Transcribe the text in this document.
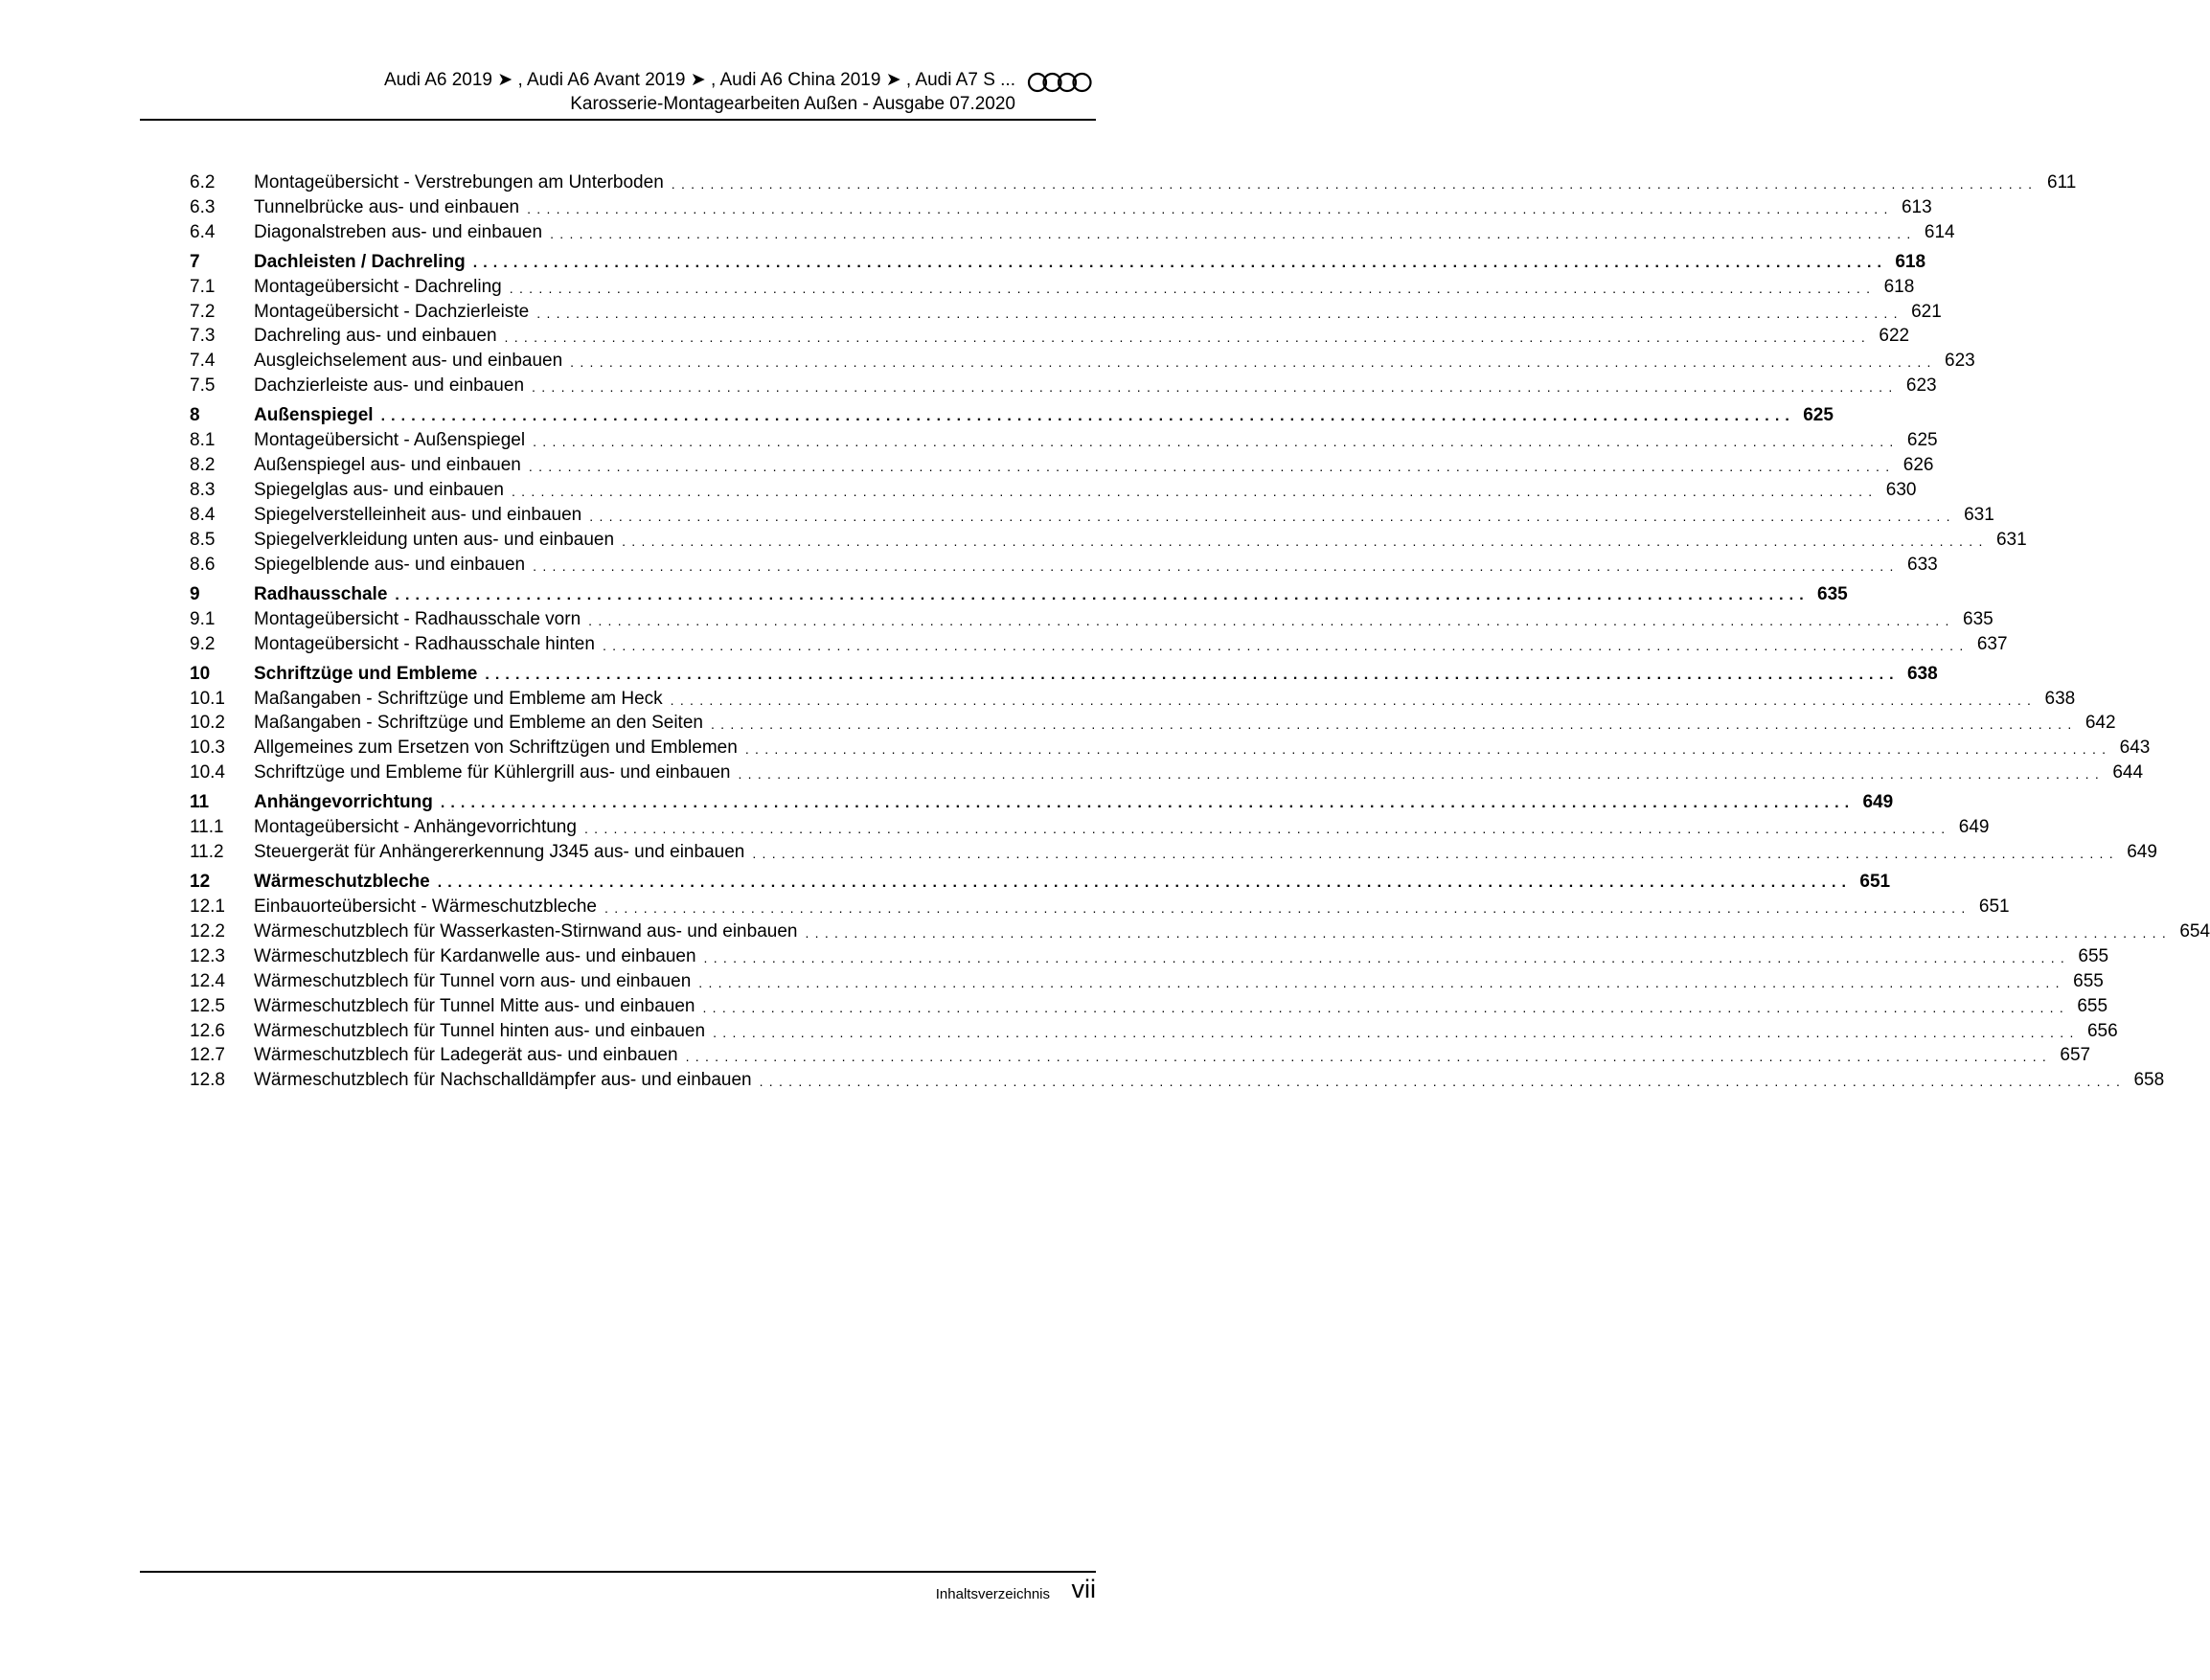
Audi A6 2019 ➤ , Audi A6 Avant 2019 ➤ , Audi A6 China 2019 ➤ , Audi A7 S ...
Karosserie-Montagearbeiten Außen - Ausgabe 07.2020
6.2	Montageübersicht - Verstrebungen am Unterboden ............................................................................................................................................ 611
6.3	Tunnelbrücke aus- und einbauen ............................................................................................................................................ 613
6.4	Diagonalstreben aus- und einbauen ............................................................................................................................................ 614
7	Dachleisten / Dachreling ............................................................................................................................................ 618
7.1	Montageübersicht - Dachreling ............................................................................................................................................ 618
7.2	Montageübersicht - Dachzierleiste ............................................................................................................................................ 621
7.3	Dachreling aus- und einbauen ............................................................................................................................................ 622
7.4	Ausgleichselement aus- und einbauen ............................................................................................................................................ 623
7.5	Dachzierleiste aus- und einbauen ............................................................................................................................................ 623
8	Außenspiegel ............................................................................................................................................ 625
8.1	Montageübersicht - Außenspiegel ............................................................................................................................................ 625
8.2	Außenspiegel aus- und einbauen ............................................................................................................................................ 626
8.3	Spiegelglas aus- und einbauen ............................................................................................................................................ 630
8.4	Spiegelverstelleinheit aus- und einbauen ............................................................................................................................................ 631
8.5	Spiegelverkleidung unten aus- und einbauen ............................................................................................................................................ 631
8.6	Spiegelblende aus- und einbauen ............................................................................................................................................ 633
9	Radhausschale ............................................................................................................................................ 635
9.1	Montageübersicht - Radhausschale vorn ............................................................................................................................................ 635
9.2	Montageübersicht - Radhausschale hinten ............................................................................................................................................ 637
10	Schriftzüge und Embleme ............................................................................................................................................ 638
10.1	Maßangaben - Schriftzüge und Embleme am Heck ............................................................................................................................................ 638
10.2	Maßangaben - Schriftzüge und Embleme an den Seiten ............................................................................................................................................ 642
10.3	Allgemeines zum Ersetzen von Schriftzügen und Emblemen ............................................................................................................................................ 643
10.4	Schriftzüge und Embleme für Kühlergrill aus- und einbauen ............................................................................................................................................ 644
11	Anhängevorrichtung ............................................................................................................................................ 649
11.1	Montageübersicht - Anhängevorrichtung ............................................................................................................................................ 649
11.2	Steuergerät für Anhängererkennung J345 aus- und einbauen ............................................................................................................................................ 649
12	Wärmeschutzbleche ............................................................................................................................................ 651
12.1	Einbauorteübersicht - Wärmeschutzbleche ............................................................................................................................................ 651
12.2	Wärmeschutzblech für Wasserkasten-Stirnwand aus- und einbauen ............................................................................................................................................ 654
12.3	Wärmeschutzblech für Kardanwelle aus- und einbauen ............................................................................................................................................ 655
12.4	Wärmeschutzblech für Tunnel vorn aus- und einbauen ............................................................................................................................................ 655
12.5	Wärmeschutzblech für Tunnel Mitte aus- und einbauen ............................................................................................................................................ 655
12.6	Wärmeschutzblech für Tunnel hinten aus- und einbauen ............................................................................................................................................ 656
12.7	Wärmeschutzblech für Ladegerät aus- und einbauen ............................................................................................................................................ 657
12.8	Wärmeschutzblech für Nachschalldämpfer aus- und einbauen ............................................................................................................................................ 658
Inhaltsverzeichnis vii
